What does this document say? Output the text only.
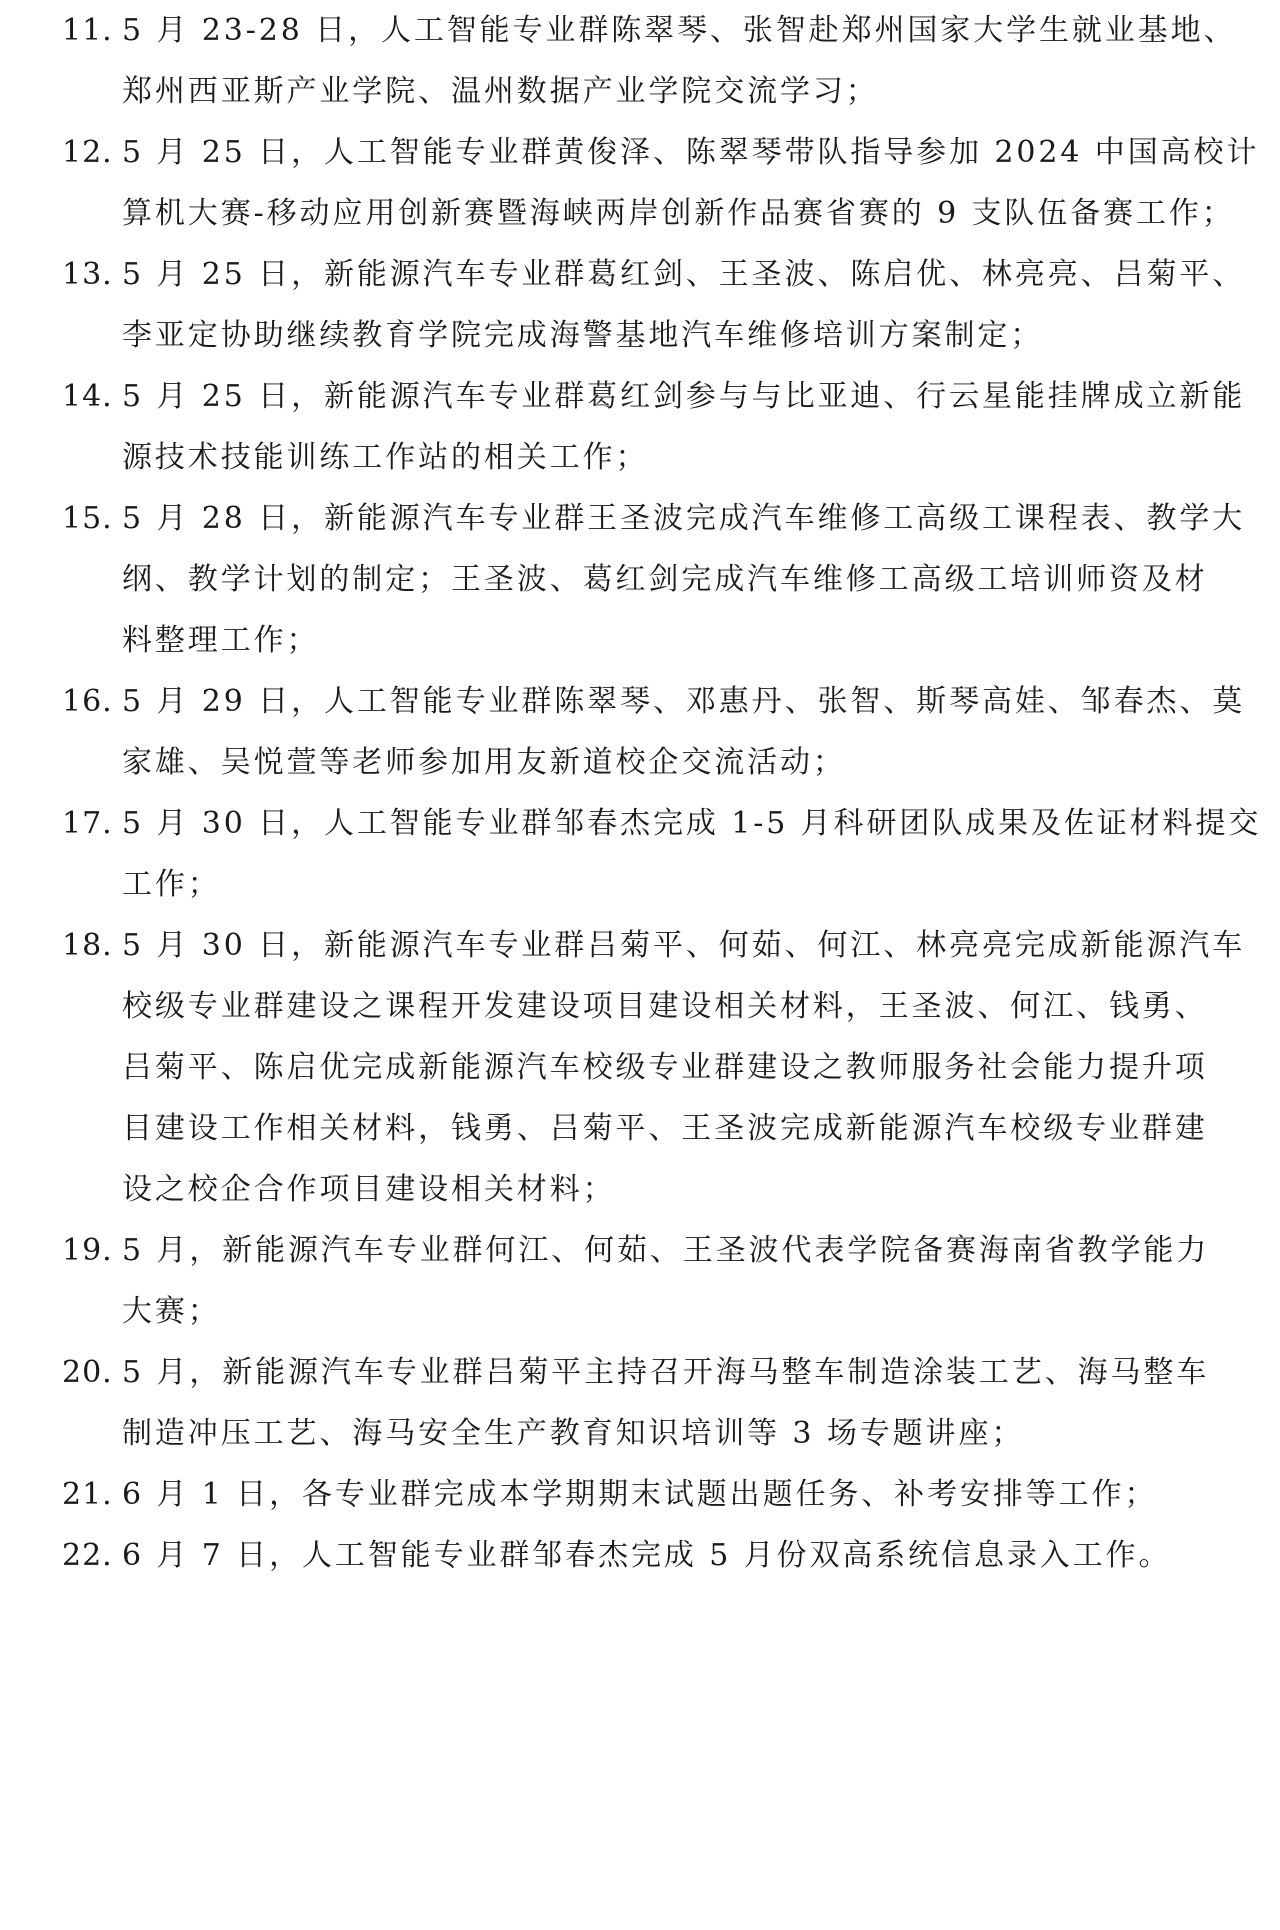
11. 5 月 23-28 日，人工智能专业群陈翠琴、张智赴郑州国家大学生就业基地、
郑州西亚斯产业学院、温州数据产业学院交流学习；
12. 5 月 25 日，人工智能专业群黄俊泽、陈翠琴带队指导参加 2024 中国高校计
算机大赛-移动应用创新赛暨海峡两岸创新作品赛省赛的 9 支队伍备赛工作；
13. 5 月 25 日，新能源汽车专业群葛红剑、王圣波、陈启优、林亮亮、吕菊平、
李亚定协助继续教育学院完成海警基地汽车维修培训方案制定；
14. 5 月 25 日，新能源汽车专业群葛红剑参与与比亚迪、行云星能挂牌成立新能
源技术技能训练工作站的相关工作；
15. 5 月 28 日，新能源汽车专业群王圣波完成汽车维修工高级工课程表、教学大
纲、教学计划的制定；王圣波、葛红剑完成汽车维修工高级工培训师资及材
料整理工作；
16. 5 月 29 日，人工智能专业群陈翠琴、邓惠丹、张智、斯琴高娃、邹春杰、莫
家雄、吴悦萱等老师参加用友新道校企交流活动；
17. 5 月 30 日，人工智能专业群邹春杰完成 1-5 月科研团队成果及佐证材料提交
工作；
18. 5 月 30 日，新能源汽车专业群吕菊平、何茹、何江、林亮亮完成新能源汽车
校级专业群建设之课程开发建设项目建设相关材料，王圣波、何江、钱勇、
吕菊平、陈启优完成新能源汽车校级专业群建设之教师服务社会能力提升项
目建设工作相关材料，钱勇、吕菊平、王圣波完成新能源汽车校级专业群建
设之校企合作项目建设相关材料；
19. 5 月，新能源汽车专业群何江、何茹、王圣波代表学院备赛海南省教学能力
大赛；
20. 5 月，新能源汽车专业群吕菊平主持召开海马整车制造涂装工艺、海马整车
制造冲压工艺、海马安全生产教育知识培训等 3 场专题讲座；
21. 6 月 1 日，各专业群完成本学期期末试题出题任务、补考安排等工作；
22. 6 月 7 日，人工智能专业群邹春杰完成 5 月份双高系统信息录入工作。
